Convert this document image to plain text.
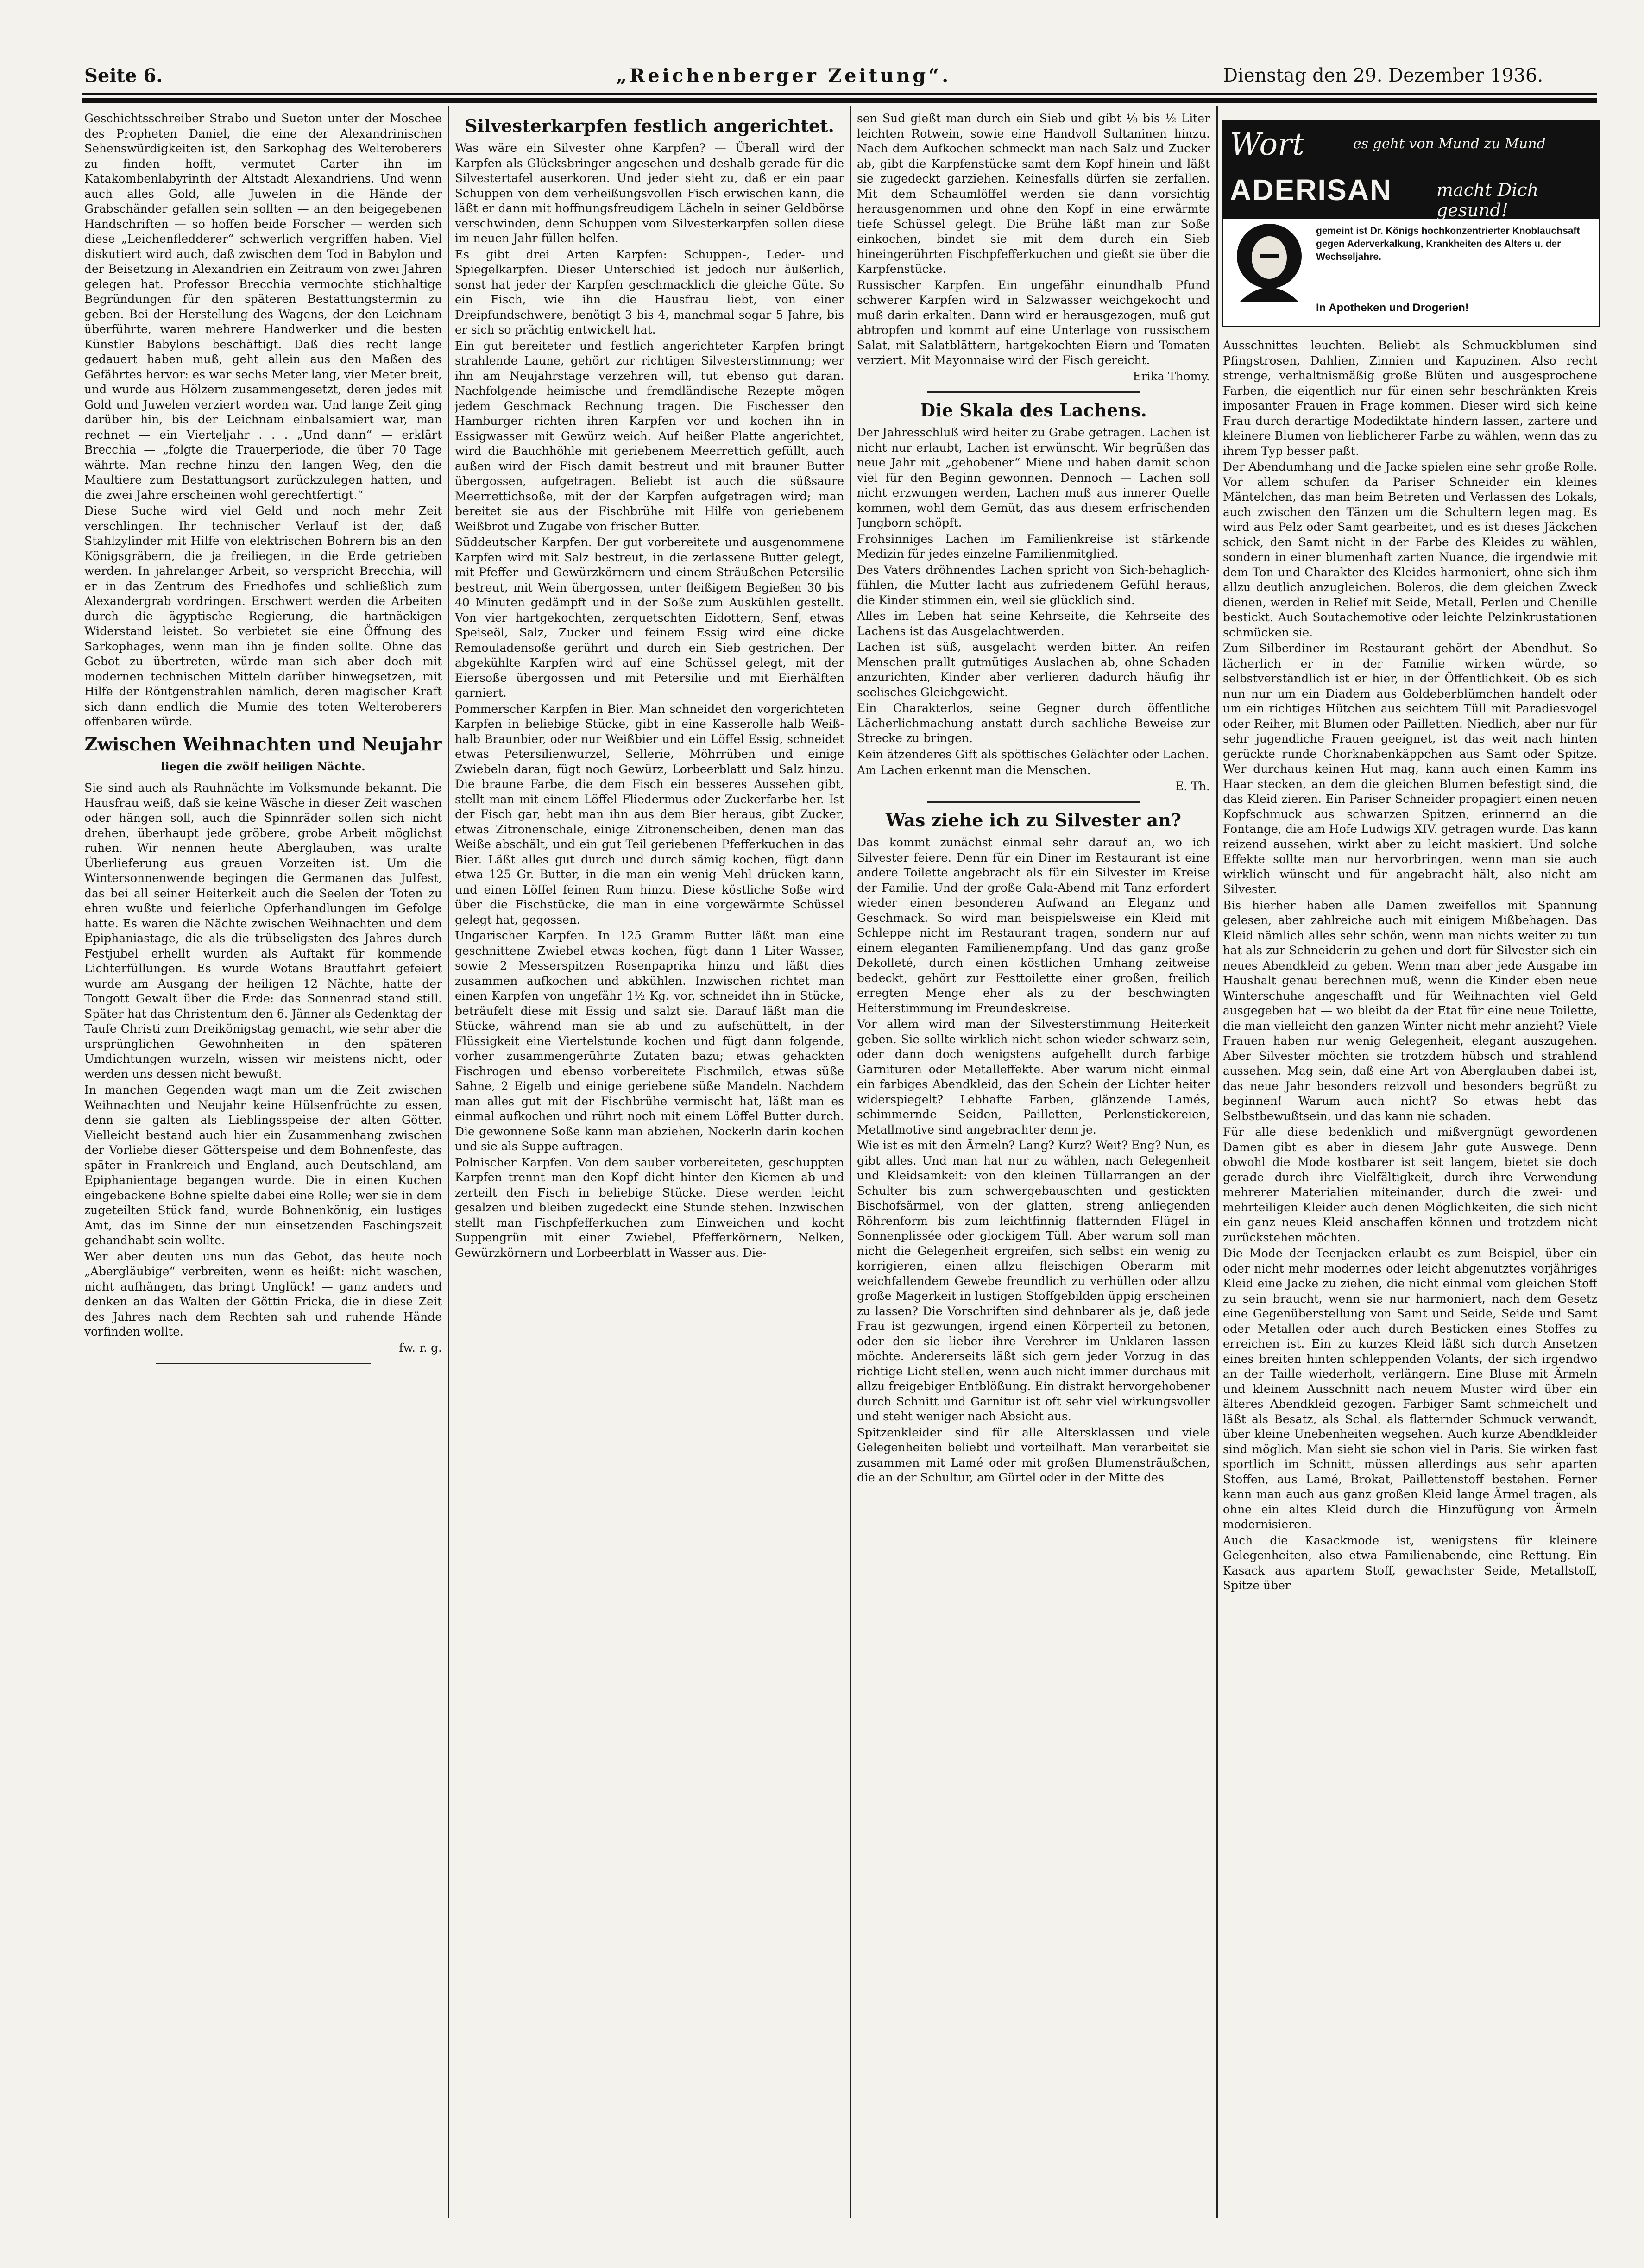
Seite 6.	„Reichenberger Zeitung“.	Dienstag den 29. Dezember 1936.

Geschichtsschreiber Strabo und Sueton unter der Moschee des Propheten Daniel, die eine der Alexandrinischen Sehenswürdigkeiten ist, den Sarkophag des Welteroberers zu finden hofft, vermutet Carter ihn im Katakombenlabyrinth der Altstadt Alexandriens. Und wenn auch alles Gold, alle Juwelen in die Hände der Grabschänder gefallen sein sollten — an den beigegebenen Handschriften — so hoffen beide Forscher — werden sich diese „Leichenfledderer“ schwerlich vergriffen haben. Viel diskutiert wird auch, daß zwischen dem Tod in Babylon und der Beisetzung in Alexandrien ein Zeitraum von zwei Jahren gelegen hat. Professor Brecchia vermochte stichhaltige Begründungen für den späteren Bestattungstermin zu geben. Bei der Herstellung des Wagens, der den Leichnam überführte, waren mehrere Handwerker und die besten Künstler Babylons beschäftigt. Daß dies recht lange gedauert haben muß, geht allein aus den Maßen des Gefährtes hervor: es war sechs Meter lang, vier Meter breit, und wurde aus Hölzern zusammengesetzt, deren jedes mit Gold und Juwelen verziert worden war. Und lange Zeit ging darüber hin, bis der Leichnam einbalsamiert war, man rechnet — ein Vierteljahr . . . „Und dann“ — erklärt Brecchia — „folgte die Trauerperiode, die über 70 Tage währte. Man rechne hinzu den langen Weg, den die Maultiere zum Bestattungsort zurückzulegen hatten, und die zwei Jahre erscheinen wohl gerechtfertigt.“

Diese Suche wird viel Geld und noch mehr Zeit verschlingen. Ihr technischer Verlauf ist der, daß Stahlzylinder mit Hilfe von elektrischen Bohrern bis an den Königsgräbern, die ja freiliegen, in die Erde getrieben werden. In jahrelanger Arbeit, so verspricht Brecchia, will er in das Zentrum des Friedhofes und schließlich zum Alexandergrab vordringen. Erschwert werden die Arbeiten durch die ägyptische Regierung, die hartnäckigen Widerstand leistet. So verbietet sie eine Öffnung des Sarkophages, wenn man ihn je finden sollte. Ohne das Gebot zu übertreten, würde man sich aber doch mit modernen technischen Mitteln darüber hinwegsetzen, mit Hilfe der Röntgenstrahlen nämlich, deren magischer Kraft sich dann endlich die Mumie des toten Welteroberers offenbaren würde.

Zwischen Weihnachten und Neujahr
liegen die zwölf heiligen Nächte.

Sie sind auch als Rauhnächte im Volksmunde bekannt. Die Hausfrau weiß, daß sie keine Wäsche in dieser Zeit waschen oder hängen soll, auch die Spinnräder sollen sich nicht drehen, überhaupt jede gröbere, grobe Arbeit möglichst ruhen. Wir nennen heute Aberglauben, was uralte Überlieferung aus grauen Vorzeiten ist. Um die Wintersonnenwende begingen die Germanen das Julfest, das bei all seiner Heiterkeit auch die Seelen der Toten zu ehren wußte und feierliche Opferhandlungen im Gefolge hatte. Es waren die Nächte zwischen Weihnachten und dem Epiphaniastage, die als die trübseligsten des Jahres durch Festjubel erhellt wurden als Auftakt für kommende Lichterfüllungen. Es wurde Wotans Brautfahrt gefeiert wurde am Ausgang der heiligen 12 Nächte, hatte der Tongott Gewalt über die Erde: das Sonnenrad stand still. Später hat das Christentum den 6. Jänner als Gedenktag der Taufe Christi zum Dreikönigstag gemacht, wie sehr aber die ursprünglichen Gewohnheiten in den späteren Umdichtungen wurzeln, wissen wir meistens nicht, oder werden uns dessen nicht bewußt.

In manchen Gegenden wagt man um die Zeit zwischen Weihnachten und Neujahr keine Hülsenfrüchte zu essen, denn sie galten als Lieblingsspeise der alten Götter. Vielleicht bestand auch hier ein Zusammenhang zwischen der Vorliebe dieser Götterspeise und dem Bohnenfeste, das später in Frankreich und England, auch Deutschland, am Epiphanientage begangen wurde. Die in einen Kuchen eingebackene Bohne spielte dabei eine Rolle; wer sie in dem zugeteilten Stück fand, wurde Bohnenkönig, ein lustiges Amt, das im Sinne der nun einsetzenden Faschingszeit gehandhabt sein wollte.

Wer aber deuten uns nun das Gebot, das heute noch „Abergläubige“ verbreiten, wenn es heißt: nicht waschen, nicht aufhängen, das bringt Unglück! — ganz anders und denken an das Walten der Göttin Fricka, die in diese Zeit des Jahres nach dem Rechten sah und ruhende Hände vorfinden wollte.

fw. r. g.

Silvesterkarpfen festlich angerichtet.

Was wäre ein Silvester ohne Karpfen? — Überall wird der Karpfen als Glücksbringer angesehen und deshalb gerade für die Silvestertafel auserkoren. Und jeder sieht zu, daß er ein paar Schuppen von dem verheißungsvollen Fisch erwischen kann, die läßt er dann mit hoffnungsfreudigem Lächeln in seiner Geldbörse verschwinden, denn Schuppen vom Silvesterkarpfen sollen diese im neuen Jahr füllen helfen.

Es gibt drei Arten Karpfen: Schuppen-, Leder- und Spiegelkarpfen. Dieser Unterschied ist jedoch nur äußerlich, sonst hat jeder der Karpfen geschmacklich die gleiche Güte. So ein Fisch, wie ihn die Hausfrau liebt, von einer Dreipfundschwere, benötigt 3 bis 4, manchmal sogar 5 Jahre, bis er sich so prächtig entwickelt hat.

Ein gut bereiteter und festlich angerichteter Karpfen bringt strahlende Laune, gehört zur richtigen Silvesterstimmung; wer ihn am Neujahrstage verzehren will, tut ebenso gut daran. Nachfolgende heimische und fremdländische Rezepte mögen jedem Geschmack Rechnung tragen. Die Fischesser den Hamburger richten ihren Karpfen vor und kochen ihn in Essigwasser mit Gewürz weich. Auf heißer Platte angerichtet, wird die Bauchhöhle mit geriebenem Meerrettich gefüllt, auch außen wird der Fisch damit bestreut und mit brauner Butter übergossen, aufgetragen. Beliebt ist auch die süßsaure Meerrettichsoße, mit der der Karpfen aufgetragen wird; man bereitet sie aus der Fischbrühe mit Hilfe von geriebenem Weißbrot und Zugabe von frischer Butter.

Süddeutscher Karpfen. Der gut vorbereitete und ausgenommene Karpfen wird mit Salz bestreut, in die zerlassene Butter gelegt, mit Pfeffer- und Gewürzkörnern und einem Sträußchen Petersilie bestreut, mit Wein übergossen, unter fleißigem Begießen 30 bis 40 Minuten gedämpft und in der Soße zum Auskühlen gestellt. Von vier hartgekochten, zerquetschten Eidottern, Senf, etwas Speiseöl, Salz, Zucker und feinem Essig wird eine dicke Remouladensoße gerührt und durch ein Sieb gestrichen. Der abgekühlte Karpfen wird auf eine Schüssel gelegt, mit der Eiersoße übergossen und mit Petersilie und mit Eierhälften garniert.

Pommerscher Karpfen in Bier. Man schneidet den vorgerichteten Karpfen in beliebige Stücke, gibt in eine Kasserolle halb Weiß- halb Braunbier, oder nur Weißbier und ein Löffel Essig, schneidet etwas Petersilienwurzel, Sellerie, Möhrrüben und einige Zwiebeln daran, fügt noch Gewürz, Lorbeerblatt und Salz hinzu. Die braune Farbe, die dem Fisch ein besseres Aussehen gibt, stellt man mit einem Löffel Fliedermus oder Zuckerfarbe her. Ist der Fisch gar, hebt man ihn aus dem Bier heraus, gibt Zucker, etwas Zitronenschale, einige Zitronenscheiben, denen man das Weiße abschält, und ein gut Teil geriebenen Pfefferkuchen in das Bier. Läßt alles gut durch und durch sämig kochen, fügt dann etwa 125 Gr. Butter, in die man ein wenig Mehl drücken kann, und einen Löffel feinen Rum hinzu. Diese köstliche Soße wird über die Fischstücke, die man in eine vorgewärmte Schüssel gelegt hat, gegossen.

Ungarischer Karpfen. In 125 Gramm Butter läßt man eine geschnittene Zwiebel etwas kochen, fügt dann 1 Liter Wasser, sowie 2 Messerspitzen Rosenpaprika hinzu und läßt dies zusammen aufkochen und abkühlen. Inzwischen richtet man einen Karpfen von ungefähr 1½ Kg. vor, schneidet ihn in Stücke, beträufelt diese mit Essig und salzt sie. Darauf läßt man die Stücke, während man sie ab und zu aufschüttelt, in der Flüssigkeit eine Viertelstunde kochen und fügt dann folgende, vorher zusammengerührte Zutaten bazu; etwas gehackten Fischrogen und ebenso vorbereitete Fischmilch, etwas süße Sahne, 2 Eigelb und einige geriebene süße Mandeln. Nachdem man alles gut mit der Fischbrühe vermischt hat, läßt man es einmal aufkochen und rührt noch mit einem Löffel Butter durch. Die gewonnene Soße kann man abziehen, Nockerln darin kochen und sie als Suppe auftragen.

Polnischer Karpfen. Von dem sauber vorbereiteten, geschuppten Karpfen trennt man den Kopf dicht hinter den Kiemen ab und zerteilt den Fisch in beliebige Stücke. Diese werden leicht gesalzen und bleiben zugedeckt eine Stunde stehen. Inzwischen stellt man Fischpfefferkuchen zum Einweichen und kocht Suppengrün mit einer Zwiebel, Pfefferkörnern, Nelken, Gewürzkörnern und Lorbeerblatt in Wasser aus. Die-

sen Sud gießt man durch ein Sieb und gibt ⅛ bis ½ Liter leichten Rotwein, sowie eine Handvoll Sultaninen hinzu. Nach dem Aufkochen schmeckt man nach Salz und Zucker ab, gibt die Karpfenstücke samt dem Kopf hinein und läßt sie zugedeckt garziehen. Keinesfalls dürfen sie zerfallen. Mit dem Schaumlöffel werden sie dann vorsichtig herausgenommen und ohne den Kopf in eine erwärmte tiefe Schüssel gelegt. Die Brühe läßt man zur Soße einkochen, bindet sie mit dem durch ein Sieb hineingerührten Fischpfefferkuchen und gießt sie über die Karpfenstücke.

Russischer Karpfen. Ein ungefähr einundhalb Pfund schwerer Karpfen wird in Salzwasser weichgekocht und muß darin erkalten. Dann wird er herausgezogen, muß gut abtropfen und kommt auf eine Unterlage von russischem Salat, mit Salatblättern, hartgekochten Eiern und Tomaten verziert. Mit Mayonnaise wird der Fisch gereicht.

Erika Thomy.

Die Skala des Lachens.

Der Jahresschluß wird heiter zu Grabe getragen. Lachen ist nicht nur erlaubt, Lachen ist erwünscht. Wir begrüßen das neue Jahr mit „gehobener“ Miene und haben damit schon viel für den Beginn gewonnen. Dennoch — Lachen soll nicht erzwungen werden, Lachen muß aus innerer Quelle kommen, wohl dem Gemüt, das aus diesem erfrischenden Jungborn schöpft.

Frohsinniges Lachen im Familienkreise ist stärkende Medizin für jedes einzelne Familienmitglied.

Des Vaters dröhnendes Lachen spricht von Sich-behaglich-fühlen, die Mutter lacht aus zufriedenem Gefühl heraus, die Kinder stimmen ein, weil sie glücklich sind.

Alles im Leben hat seine Kehrseite, die Kehrseite des Lachens ist das Ausgelachtwerden.

Lachen ist süß, ausgelacht werden bitter. An reifen Menschen prallt gutmütiges Auslachen ab, ohne Schaden anzurichten, Kinder aber verlieren dadurch häufig ihr seelisches Gleichgewicht.

Ein Charakterlos, seine Gegner durch öffentliche Lächerlichmachung anstatt durch sachliche Beweise zur Strecke zu bringen.

Kein ätzenderes Gift als spöttisches Gelächter oder Lachen.

Am Lachen erkennt man die Menschen.

E. Th.

Was ziehe ich zu Silvester an?

Das kommt zunächst einmal sehr darauf an, wo ich Silvester feiere. Denn für ein Diner im Restaurant ist eine andere Toilette angebracht als für ein Silvester im Kreise der Familie. Und der große Gala-Abend mit Tanz erfordert wieder einen besonderen Aufwand an Eleganz und Geschmack. So wird man beispielsweise ein Kleid mit Schleppe nicht im Restaurant tragen, sondern nur auf einem eleganten Familienempfang. Und das ganz große Dekolleté, durch einen köstlichen Umhang zeitweise bedeckt, gehört zur Festtoilette einer großen, freilich erregten Menge eher als zu der beschwingten Heiterstimmung im Freundeskreise.

Vor allem wird man der Silvesterstimmung Heiterkeit geben. Sie sollte wirklich nicht schon wieder schwarz sein, oder dann doch wenigstens aufgehellt durch farbige Garnituren oder Metalleffekte. Aber warum nicht einmal ein farbiges Abendkleid, das den Schein der Lichter heiter widerspiegelt? Lebhafte Farben, glänzende Lamés, schimmernde Seiden, Pailletten, Perlenstickereien, Metallmotive sind angebrachter denn je.

Wie ist es mit den Ärmeln? Lang? Kurz? Weit? Eng? Nun, es gibt alles. Und man hat nur zu wählen, nach Gelegenheit und Kleidsamkeit: von den kleinen Tüllarrangen an der Schulter bis zum schwergebauschten und gestickten Bischofsärmel, von der glatten, streng anliegenden Röhrenform bis zum leichtfinnig flatternden Flügel in Sonnenplissée oder glockigem Tüll. Aber warum soll man nicht die Gelegenheit ergreifen, sich selbst ein wenig zu korrigieren, einen allzu fleischigen Oberarm mit weichfallendem Gewebe freundlich zu verhüllen oder allzu große Magerkeit in lustigen Stoffgebilden üppig erscheinen zu lassen? Die Vorschriften sind dehnbarer als je, daß jede Frau ist gezwungen, irgend einen Körperteil zu betonen, oder den sie lieber ihre Verehrer im Unklaren lassen möchte. Andererseits läßt sich gern jeder Vorzug in das richtige Licht stellen, wenn auch nicht immer durchaus mit allzu freigebiger Entblößung. Ein distrakt hervorgehobener durch Schnitt und Garnitur ist oft sehr viel wirkungsvoller und steht weniger nach Absicht aus.

Spitzenkleider sind für alle Altersklassen und viele Gelegenheiten beliebt und vorteilhaft. Man verarbeitet sie zusammen mit Lamé oder mit großen Blumensträußchen, die an der Schultur, am Gürtel oder in der Mitte des

Wort	es geht von Mund zu Mund
ADERISAN	macht Dich gesund!
gemeint ist Dr. Königs hochkonzentrierter Knoblauchsaft gegen Aderverkalkung, Krankheiten des Alters u. der Wechseljahre.
In Apotheken und Drogerien!

Ausschnittes leuchten. Beliebt als Schmuckblumen sind Pfingstrosen, Dahlien, Zinnien und Kapuzinen. Also recht strenge, verhaltnismäßig große Blüten und ausgesprochene Farben, die eigentlich nur für einen sehr beschränkten Kreis imposanter Frauen in Frage kommen. Dieser wird sich keine Frau durch derartige Modediktate hindern lassen, zartere und kleinere Blumen von lieblicherer Farbe zu wählen, wenn das zu ihrem Typ besser paßt.

Der Abendumhang und die Jacke spielen eine sehr große Rolle. Vor allem schufen da Pariser Schneider ein kleines Mäntelchen, das man beim Betreten und Verlassen des Lokals, auch zwischen den Tänzen um die Schultern legen mag. Es wird aus Pelz oder Samt gearbeitet, und es ist dieses Jäckchen schick, den Samt nicht in der Farbe des Kleides zu wählen, sondern in einer blumenhaft zarten Nuance, die irgendwie mit dem Ton und Charakter des Kleides harmoniert, ohne sich ihm allzu deutlich anzugleichen. Boleros, die dem gleichen Zweck dienen, werden in Relief mit Seide, Metall, Perlen und Chenille bestickt. Auch Soutachemotive oder leichte Pelzinkrustationen schmücken sie.

Zum Silberdiner im Restaurant gehört der Abendhut. So lächerlich er in der Familie wirken würde, so selbstverständlich ist er hier, in der Öffentlichkeit. Ob es sich nun nur um ein Diadem aus Goldeberblümchen handelt oder um ein richtiges Hütchen aus seichtem Tüll mit Paradiesvogel oder Reiher, mit Blumen oder Pailletten. Niedlich, aber nur für sehr jugendliche Frauen geeignet, ist das weit nach hinten gerückte runde Chorknabenkäppchen aus Samt oder Spitze. Wer durchaus keinen Hut mag, kann auch einen Kamm ins Haar stecken, an dem die gleichen Blumen befestigt sind, die das Kleid zieren. Ein Pariser Schneider propagiert einen neuen Kopfschmuck aus schwarzen Spitzen, erinnernd an die Fontange, die am Hofe Ludwigs XIV. getragen wurde. Das kann reizend aussehen, wirkt aber zu leicht maskiert. Und solche Effekte sollte man nur hervorbringen, wenn man sie auch wirklich wünscht und für angebracht hält, also nicht am Silvester.

Bis hierher haben alle Damen zweifellos mit Spannung gelesen, aber zahlreiche auch mit einigem Mißbehagen. Das Kleid nämlich alles sehr schön, wenn man nichts weiter zu tun hat als zur Schneiderin zu gehen und dort für Silvester sich ein neues Abendkleid zu geben. Wenn man aber jede Ausgabe im Haushalt genau berechnen muß, wenn die Kinder eben neue Winterschuhe angeschafft und für Weihnachten viel Geld ausgegeben hat — wo bleibt da der Etat für eine neue Toilette, die man vielleicht den ganzen Winter nicht mehr anzieht? Viele Frauen haben nur wenig Gelegenheit, elegant auszugehen. Aber Silvester möchten sie trotzdem hübsch und strahlend aussehen. Mag sein, daß eine Art von Aberglauben dabei ist, das neue Jahr besonders reizvoll und besonders begrüßt zu beginnen! Warum auch nicht? So etwas hebt das Selbstbewußtsein, und das kann nie schaden.

Für alle diese bedenklich und mißvergnügt gewordenen Damen gibt es aber in diesem Jahr gute Auswege. Denn obwohl die Mode kostbarer ist seit langem, bietet sie doch gerade durch ihre Vielfältigkeit, durch ihre Verwendung mehrerer Materialien miteinander, durch die zwei- und mehrteiligen Kleider auch denen Möglichkeiten, die sich nicht ein ganz neues Kleid anschaffen können und trotzdem nicht zurückstehen möchten.

Die Mode der Teenjacken erlaubt es zum Beispiel, über ein oder nicht mehr modernes oder leicht abgenutztes vorjähriges Kleid eine Jacke zu ziehen, die nicht einmal vom gleichen Stoff zu sein braucht, wenn sie nur harmoniert, nach dem Gesetz eine Gegenüberstellung von Samt und Seide, Seide und Samt oder Metallen oder auch durch Besticken eines Stoffes zu erreichen ist. Ein zu kurzes Kleid läßt sich durch Ansetzen eines breiten hinten schleppenden Volants, der sich irgendwo an der Taille wiederholt, verlängern. Eine Bluse mit Ärmeln und kleinem Ausschnitt nach neuem Muster wird über ein älteres Abendkleid gezogen. Farbiger Samt schmeichelt und läßt als Besatz, als Schal, als flatternder Schmuck verwandt, über kleine Unebenheiten wegsehen. Auch kurze Abendkleider sind möglich. Man sieht sie schon viel in Paris. Sie wirken fast sportlich im Schnitt, müssen allerdings aus sehr aparten Stoffen, aus Lamé, Brokat, Paillettenstoff bestehen. Ferner kann man auch aus ganz großen Kleid lange Ärmel tragen, als ohne ein altes Kleid durch die Hinzufügung von Ärmeln modernisieren.

Auch die Kasackmode ist, wenigstens für kleinere Gelegenheiten, also etwa Familienabende, eine Rettung. Ein Kasack aus apartem Stoff, gewachster Seide, Metallstoff, Spitze über
